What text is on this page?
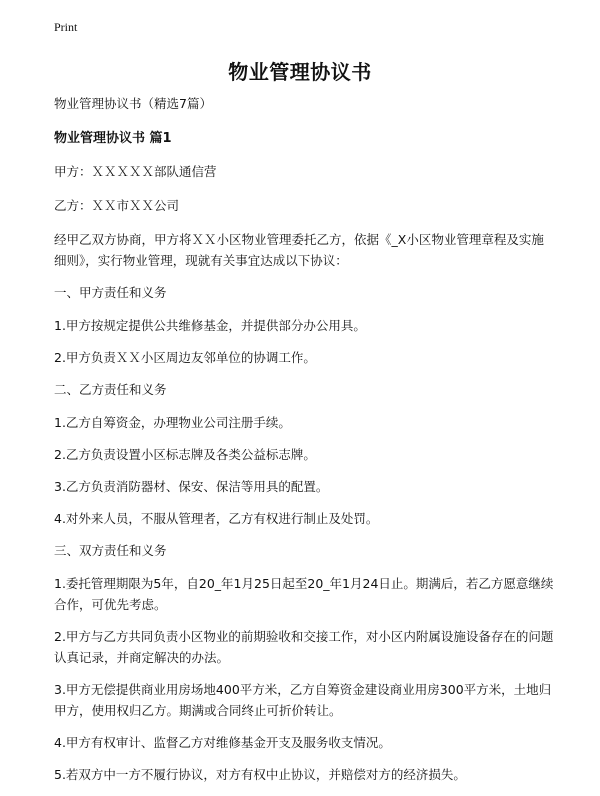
Print
物业管理协议书

物业管理协议书（精选7篇）

物业管理协议书 篇1

甲方：ＸＸＸＸＸ部队通信营

乙方：ＸＸ市ＸＸ公司

经甲乙双方协商，甲方将ＸＸ小区物业管理委托乙方，依据《_X小区物业管理章程及实施细则》，实行物业管理，现就有关事宜达成以下协议：

一、甲方责任和义务

1.甲方按规定提供公共维修基金，并提供部分办公用具。

2.甲方负责ＸＸ小区周边友邻单位的协调工作。

二、乙方责任和义务

1.乙方自筹资金，办理物业公司注册手续。

2.乙方负责设置小区标志牌及各类公益标志牌。

3.乙方负责消防器材、保安、保洁等用具的配置。

4.对外来人员，不服从管理者，乙方有权进行制止及处罚。

三、双方责任和义务

1.委托管理期限为5年，自20_年1月25日起至20_年1月24日止。期满后，若乙方愿意继续合作，可优先考虑。

2.甲方与乙方共同负责小区物业的前期验收和交接工作，对小区内附属设施设备存在的问题认真记录，并商定解决的办法。

3.甲方无偿提供商业用房场地400平方米，乙方自筹资金建设商业用房300平方米，土地归甲方，使用权归乙方。期满或合同终止可折价转让。

4.甲方有权审计、监督乙方对维修基金开支及服务收支情况。

5.若双方中一方不履行协议，对方有权中止协议，并赔偿对方的经济损失。
